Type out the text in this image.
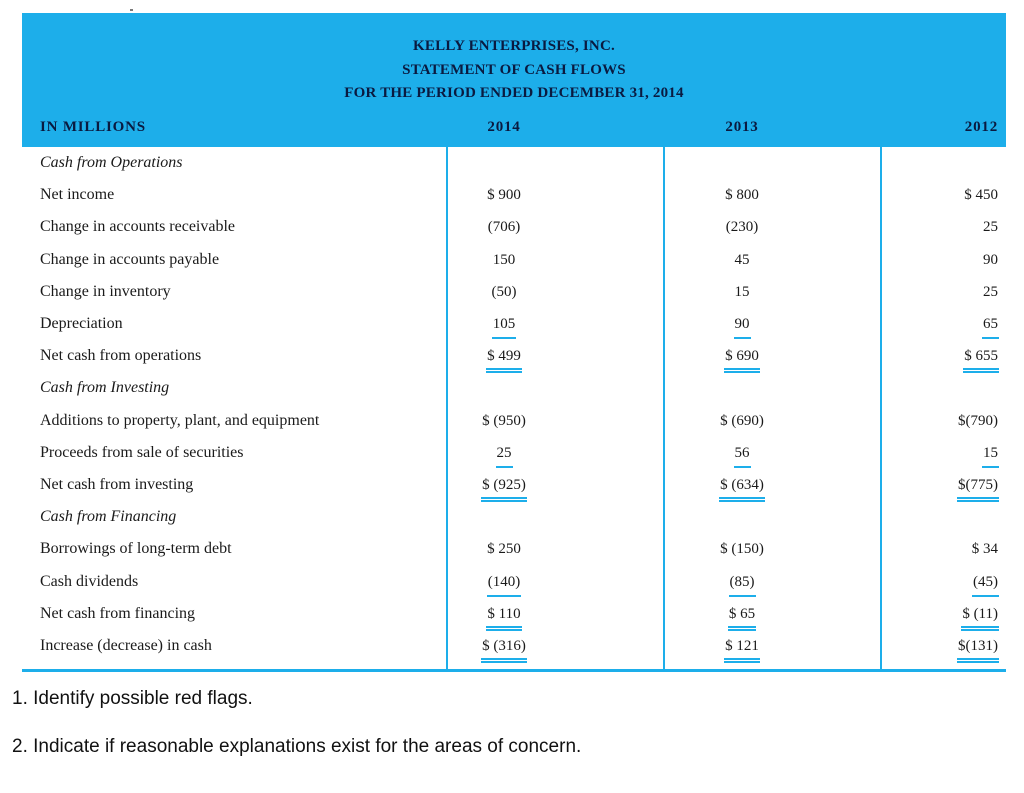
KELLY ENTERPRISES, INC.
STATEMENT OF CASH FLOWS
FOR THE PERIOD ENDED DECEMBER 31, 2014
IN MILLIONS	2014	2013	2012
Cash from Operations
Net income	$ 900	$ 800	$ 450
Change in accounts receivable	(706)	(230)	25
Change in accounts payable	150	45	90
Change in inventory	(50)	15	25
Depreciation	105	90	65
Net cash from operations	$ 499	$ 690	$ 655
Cash from Investing
Additions to property, plant, and equipment	$ (950)	$ (690)	$(790)
Proceeds from sale of securities	25	56	15
Net cash from investing	$ (925)	$ (634)	$(775)
Cash from Financing
Borrowings of long-term debt	$ 250	$ (150)	$ 34
Cash dividends	(140)	(85)	(45)
Net cash from financing	$ 110	$ 65	$ (11)
Increase (decrease) in cash	$ (316)	$ 121	$(131)
1. Identify possible red flags.
2. Indicate if reasonable explanations exist for the areas of concern.
